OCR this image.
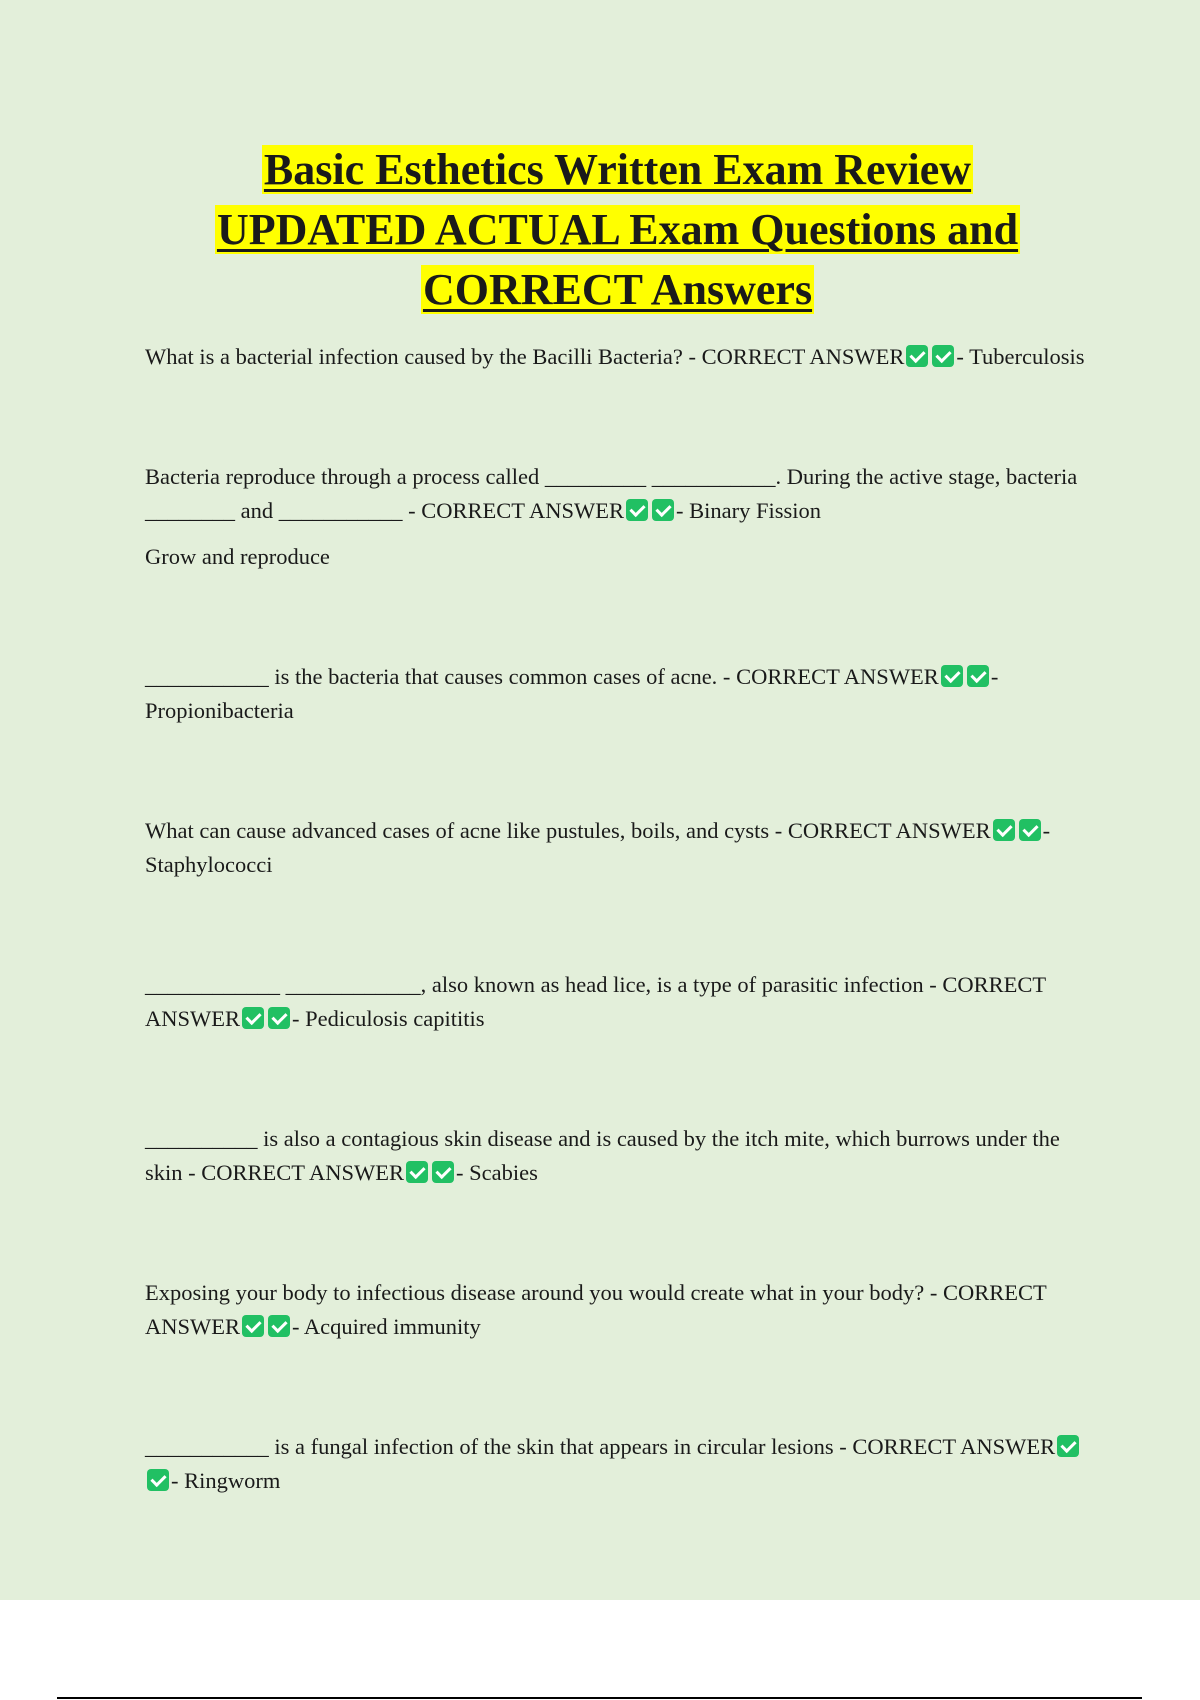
Basic Esthetics Written Exam Review
UPDATED ACTUAL Exam Questions and
CORRECT Answers

What is a bacterial infection caused by the Bacilli Bacteria? - CORRECT ANSWER - Tuberculosis

Bacteria reproduce through a process called _________ ___________. During the active stage, bacteria ________ and ___________ - CORRECT ANSWER - Binary Fission

Grow and reproduce

___________ is the bacteria that causes common cases of acne. - CORRECT ANSWER - Propionibacteria

What can cause advanced cases of acne like pustules, boils, and cysts - CORRECT ANSWER - Staphylococci

____________ ____________, also known as head lice, is a type of parasitic infection - CORRECT ANSWER - Pediculosis capititis

__________ is also a contagious skin disease and is caused by the itch mite, which burrows under the skin - CORRECT ANSWER - Scabies

Exposing your body to infectious disease around you would create what in your body? - CORRECT ANSWER - Acquired immunity

___________ is a fungal infection of the skin that appears in circular lesions - CORRECT ANSWER- Ringworm
